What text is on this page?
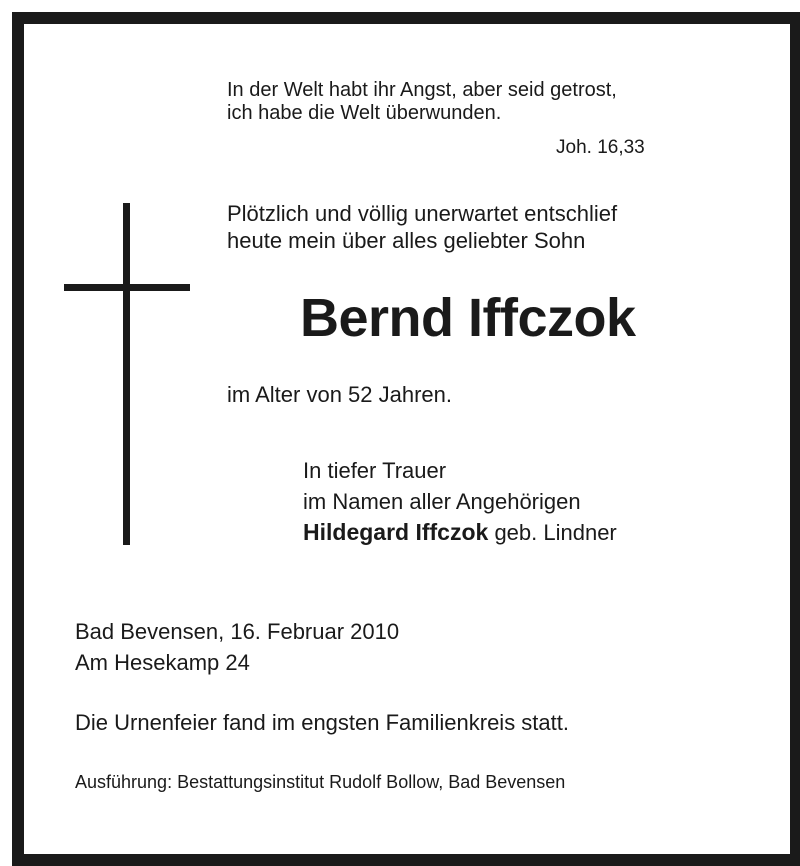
In der Welt habt ihr Angst, aber seid getrost,
ich habe die Welt überwunden.
Joh. 16,33
Plötzlich und völlig unerwartet entschlief
heute mein über alles geliebter Sohn
Bernd Iffczok
im Alter von 52 Jahren.
In tiefer Trauer
im Namen aller Angehörigen
Hildegard Iffczok geb. Lindner
Bad Bevensen, 16. Februar 2010
Am Hesekamp 24
Die Urnenfeier fand im engsten Familienkreis statt.
Ausführung: Bestattungsinstitut Rudolf Bollow, Bad Bevensen
